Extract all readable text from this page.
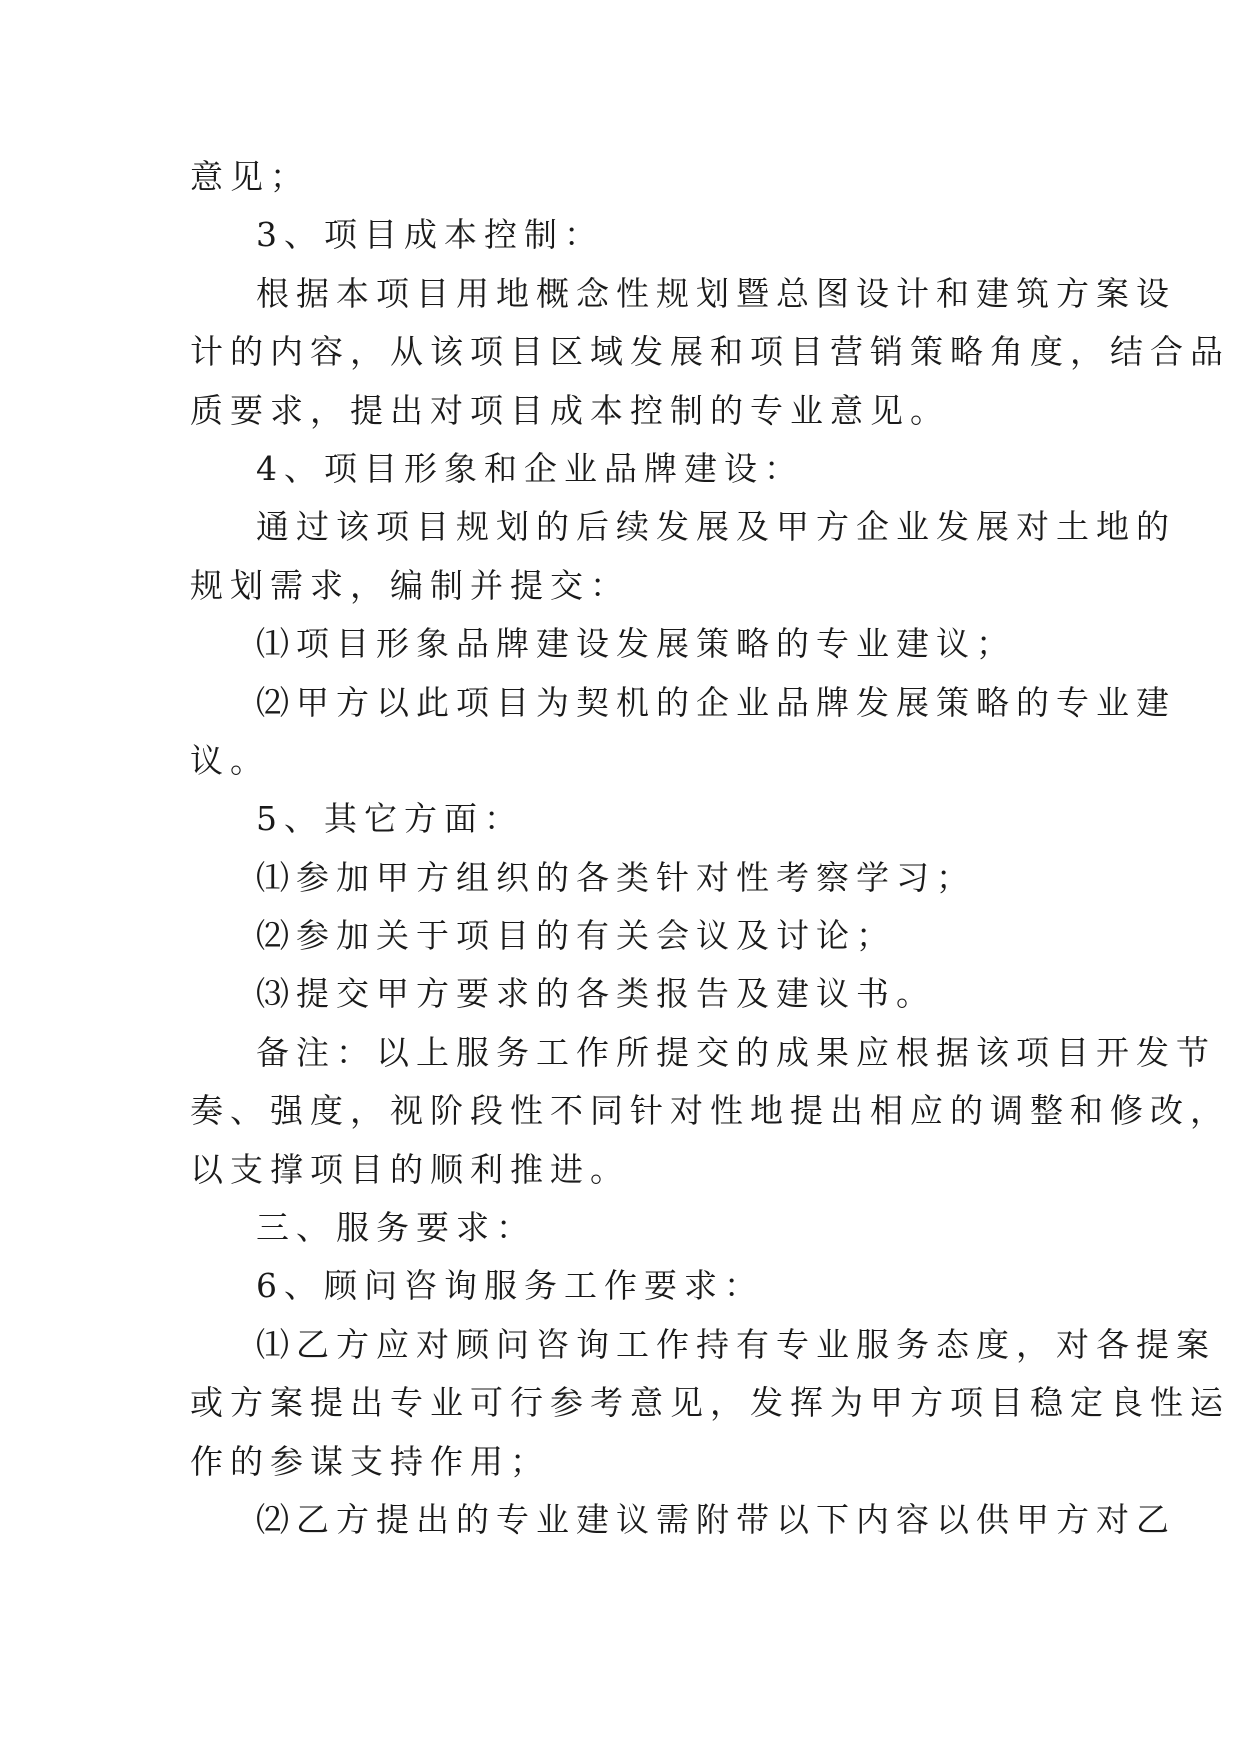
意见；
3、项目成本控制：
根据本项目用地概念性规划暨总图设计和建筑方案设
计的内容，从该项目区域发展和项目营销策略角度，结合品
质要求，提出对项目成本控制的专业意见。
4、项目形象和企业品牌建设：
通过该项目规划的后续发展及甲方企业发展对土地的
规划需求，编制并提交：
⑴项目形象品牌建设发展策略的专业建议；
⑵甲方以此项目为契机的企业品牌发展策略的专业建
议。
5、其它方面：
⑴参加甲方组织的各类针对性考察学习；
⑵参加关于项目的有关会议及讨论；
⑶提交甲方要求的各类报告及建议书。
备注：以上服务工作所提交的成果应根据该项目开发节
奏、强度，视阶段性不同针对性地提出相应的调整和修改，
以支撑项目的顺利推进。
三、服务要求：
6、顾问咨询服务工作要求：
⑴乙方应对顾问咨询工作持有专业服务态度，对各提案
或方案提出专业可行参考意见，发挥为甲方项目稳定良性运
作的参谋支持作用；
⑵乙方提出的专业建议需附带以下内容以供甲方对乙
